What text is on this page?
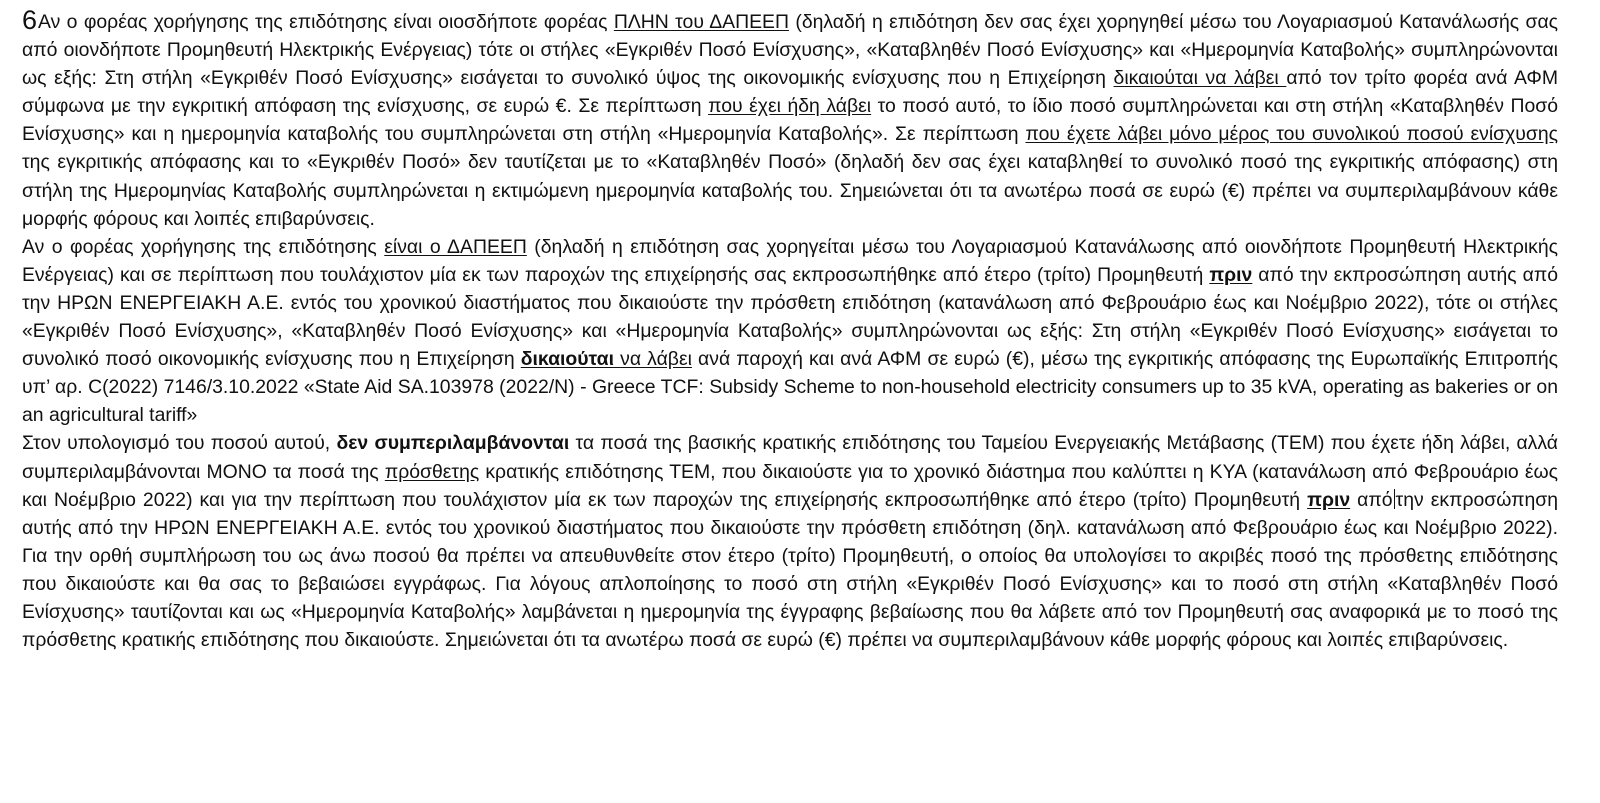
6Αν ο φορέας χορήγησης της επιδότησης είναι οιοσδήποτε φορέας ΠΛΗΝ του ΔΑΠΕΕΠ (δηλαδή η επιδότηση δεν σας έχει χορηγηθεί μέσω του Λογαριασμού Κατανάλωσής σας από οιονδήποτε Προμηθευτή Ηλεκτρικής Ενέργειας) τότε οι στήλες «Εγκριθέν Ποσό Ενίσχυσης», «Καταβληθέν Ποσό Ενίσχυσης» και «Ημερομηνία Καταβολής» συμπληρώνονται ως εξής: Στη στήλη «Εγκριθέν Ποσό Ενίσχυσης» εισάγεται το συνολικό ύψος της οικονομικής ενίσχυσης που η Επιχείρηση δικαιούται να λάβει από τον τρίτο φορέα ανά ΑΦΜ σύμφωνα με την εγκριτική απόφαση της ενίσχυσης, σε ευρώ €. Σε περίπτωση που έχει ήδη λάβει το ποσό αυτό, το ίδιο ποσό συμπληρώνεται και στη στήλη «Καταβληθέν Ποσό Ενίσχυσης» και η ημερομηνία καταβολής του συμπληρώνεται στη στήλη «Ημερομηνία Καταβολής». Σε περίπτωση που έχετε λάβει μόνο μέρος του συνολικού ποσού ενίσχυσης της εγκριτικής απόφασης και το «Εγκριθέν Ποσό» δεν ταυτίζεται με το «Καταβληθέν Ποσό» (δηλαδή δεν σας έχει καταβληθεί το συνολικό ποσό της εγκριτικής απόφασης) στη στήλη της Ημερομηνίας Καταβολής συμπληρώνεται η εκτιμώμενη ημερομηνία καταβολής του. Σημειώνεται ότι τα ανωτέρω ποσά σε ευρώ (€) πρέπει να συμπεριλαμβάνουν κάθε μορφής φόρους και λοιπές επιβαρύνσεις.

Αν ο φορέας χορήγησης της επιδότησης είναι ο ΔΑΠΕΕΠ (δηλαδή η επιδότηση σας χορηγείται μέσω του Λογαριασμού Κατανάλωσης από οιονδήποτε Προμηθευτή Ηλεκτρικής Ενέργειας) και σε περίπτωση που τουλάχιστον μία εκ των παροχών της επιχείρησής σας εκπροσωπήθηκε από έτερο (τρίτο) Προμηθευτή πριν από την εκπροσώπηση αυτής από την ΗΡΩΝ ΕΝΕΡΓΕΙΑΚΗ Α.Ε. εντός του χρονικού διαστήματος που δικαιούστε την πρόσθετη επιδότηση (κατανάλωση από Φεβρουάριο έως και Νοέμβριο 2022), τότε οι στήλες «Εγκριθέν Ποσό Ενίσχυσης», «Καταβληθέν Ποσό Ενίσχυσης» και «Ημερομηνία Καταβολής» συμπληρώνονται ως εξής: Στη στήλη «Εγκριθέν Ποσό Ενίσχυσης» εισάγεται το συνολικό ποσό οικονομικής ενίσχυσης που η Επιχείρηση δικαιούται να λάβει ανά παροχή και ανά ΑΦΜ σε ευρώ (€), μέσω της εγκριτικής απόφασης της Ευρωπαϊκής Επιτροπής υπ’ αρ. C(2022) 7146/3.10.2022 «State Aid SA.103978 (2022/N) - Greece TCF: Subsidy Scheme to non-household electricity consumers up to 35 kVA, operating as bakeries or on an agricultural tariff»

Στον υπολογισμό του ποσού αυτού, δεν συμπεριλαμβάνονται τα ποσά της βασικής κρατικής επιδότησης του Ταμείου Ενεργειακής Μετάβασης (ΤΕΜ) που έχετε ήδη λάβει, αλλά συμπεριλαμβάνονται ΜΟΝΟ τα ποσά της πρόσθετης κρατικής επιδότησης ΤΕΜ, που δικαιούστε για το χρονικό διάστημα που καλύπτει η ΚΥΑ (κατανάλωση από Φεβρουάριο έως και Νοέμβριο 2022) και για την περίπτωση που τουλάχιστον μία εκ των παροχών της επιχείρησής εκπροσωπήθηκε από έτερο (τρίτο) Προμηθευτή πριν από την εκπροσώπηση αυτής από την ΗΡΩΝ ΕΝΕΡΓΕΙΑΚΗ Α.Ε. εντός του χρονικού διαστήματος που δικαιούστε την πρόσθετη επιδότηση (δηλ. κατανάλωση από Φεβρουάριο έως και Νοέμβριο 2022). Για την ορθή συμπλήρωση του ως άνω ποσού θα πρέπει να απευθυνθείτε στον έτερο (τρίτο) Προμηθευτή, ο οποίος θα υπολογίσει το ακριβές ποσό της πρόσθετης επιδότησης που δικαιούστε και θα σας το βεβαιώσει εγγράφως. Για λόγους απλοποίησης το ποσό στη στήλη «Εγκριθέν Ποσό Ενίσχυσης» και το ποσό στη στήλη «Καταβληθέν Ποσό Ενίσχυσης» ταυτίζονται και ως «Ημερομηνία Καταβολής» λαμβάνεται η ημερομηνία της έγγραφης βεβαίωσης που θα λάβετε από τον Προμηθευτή σας αναφορικά με το ποσό της πρόσθετης κρατικής επιδότησης που δικαιούστε. Σημειώνεται ότι τα ανωτέρω ποσά σε ευρώ (€) πρέπει να συμπεριλαμβάνουν κάθε μορφής φόρους και λοιπές επιβαρύνσεις.
